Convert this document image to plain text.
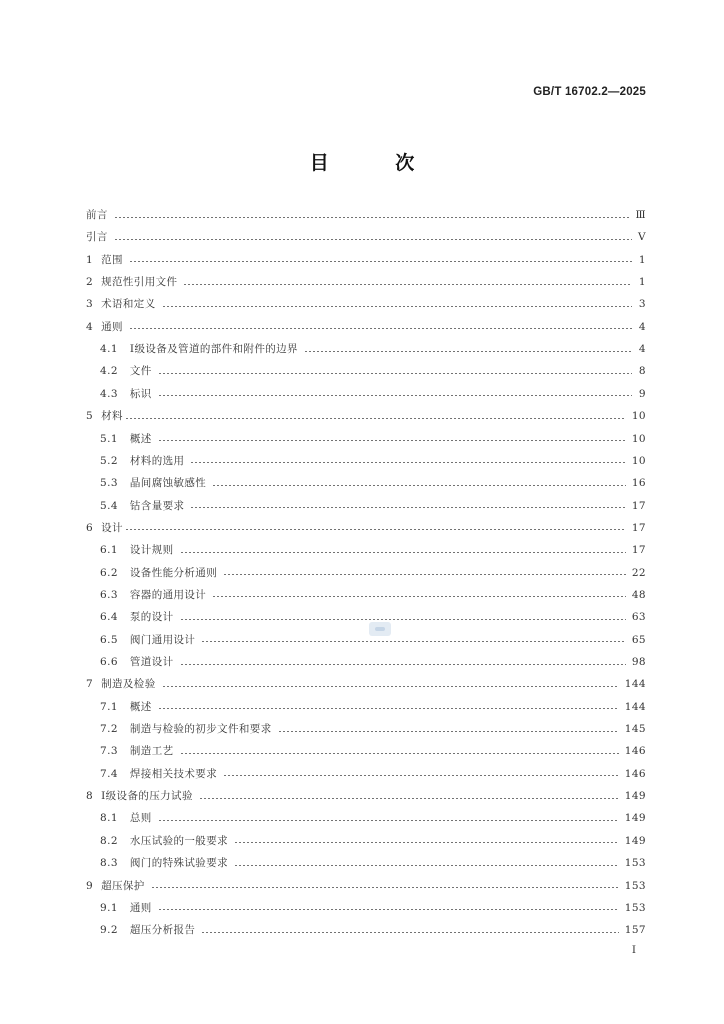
GB/T 16702.2—2025
目 次
前言	Ⅲ
引言	Ⅴ
1 范围	1
2 规范性引用文件	1
3 术语和定义	3
4 通则	4
4.1 Ⅰ级设备及管道的部件和附件的边界	4
4.2 文件	8
4.3 标识	9
5 材料	10
5.1 概述	10
5.2 材料的选用	10
5.3 晶间腐蚀敏感性	16
5.4 钴含量要求	17
6 设计	17
6.1 设计规则	17
6.2 设备性能分析通则	22
6.3 容器的通用设计	48
6.4 泵的设计	63
6.5 阀门通用设计	65
6.6 管道设计	98
7 制造及检验	144
7.1 概述	144
7.2 制造与检验的初步文件和要求	145
7.3 制造工艺	146
7.4 焊接相关技术要求	146
8 Ⅰ级设备的压力试验	149
8.1 总则	149
8.2 水压试验的一般要求	149
8.3 阀门的特殊试验要求	153
9 超压保护	153
9.1 通则	153
9.2 超压分析报告	157
Ⅰ
